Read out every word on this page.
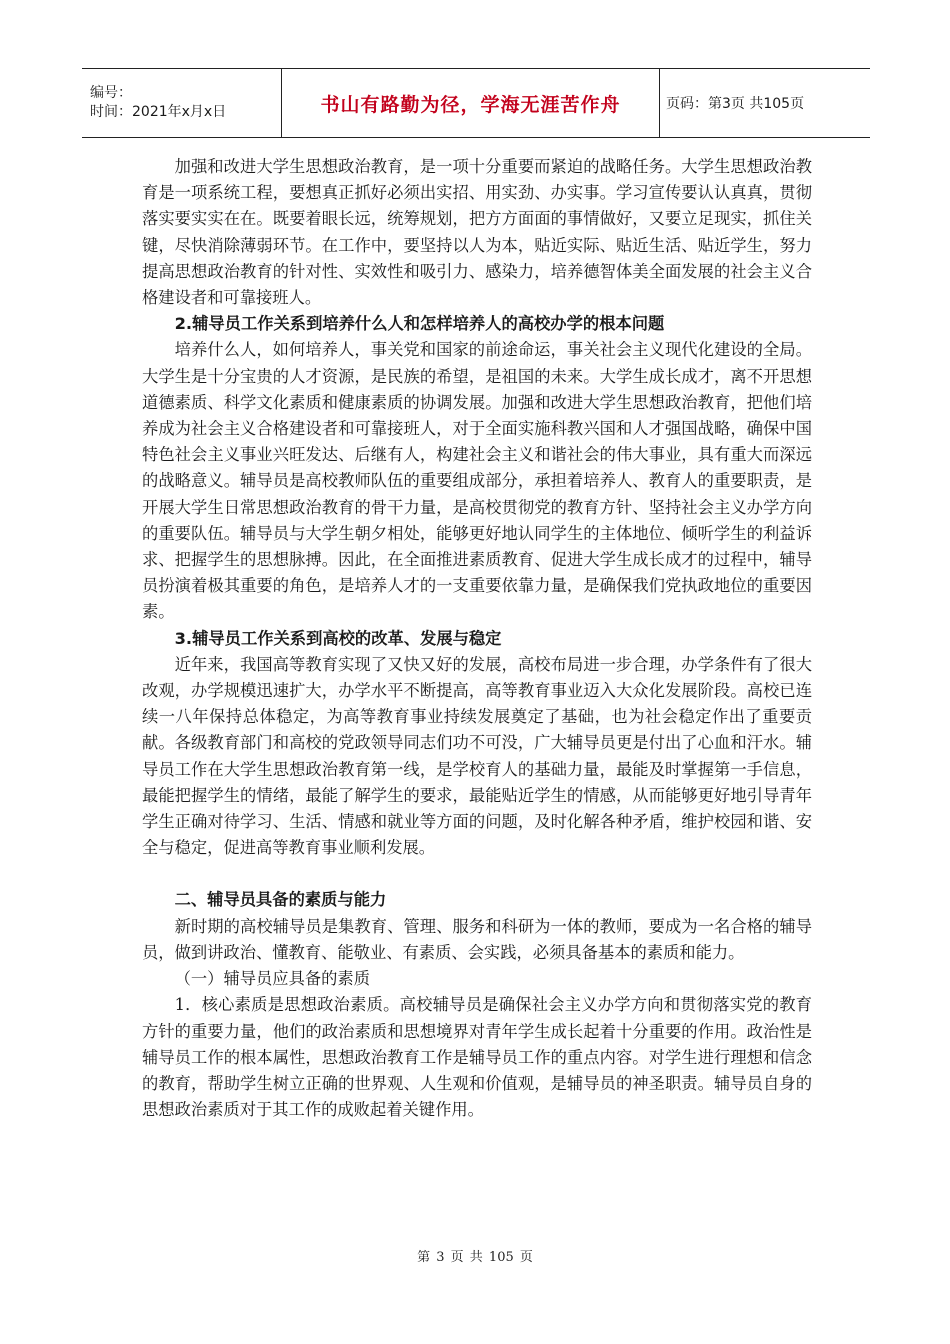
编号：
时间：2021年x月x日	书山有路勤为径，学海无涯苦作舟	页码：第3页 共105页

加强和改进大学生思想政治教育，是一项十分重要而紧迫的战略任务。大学生思想政治教育是一项系统工程，要想真正抓好必须出实招、用实劲、办实事。学习宣传要认认真真，贯彻落实要实实在在。既要着眼长远，统筹规划，把方方面面的事情做好，又要立足现实，抓住关键，尽快消除薄弱环节。在工作中，要坚持以人为本，贴近实际、贴近生活、贴近学生，努力提高思想政治教育的针对性、实效性和吸引力、感染力，培养德智体美全面发展的社会主义合格建设者和可靠接班人。

2.辅导员工作关系到培养什么人和怎样培养人的高校办学的根本问题

培养什么人，如何培养人，事关党和国家的前途命运，事关社会主义现代化建设的全局。大学生是十分宝贵的人才资源，是民族的希望，是祖国的未来。大学生成长成才，离不开思想道德素质、科学文化素质和健康素质的协调发展。加强和改进大学生思想政治教育，把他们培养成为社会主义合格建设者和可靠接班人，对于全面实施科教兴国和人才强国战略，确保中国特色社会主义事业兴旺发达、后继有人，构建社会主义和谐社会的伟大事业，具有重大而深远的战略意义。辅导员是高校教师队伍的重要组成部分，承担着培养人、教育人的重要职责，是开展大学生日常思想政治教育的骨干力量，是高校贯彻党的教育方针、坚持社会主义办学方向的重要队伍。辅导员与大学生朝夕相处，能够更好地认同学生的主体地位、倾听学生的利益诉求、把握学生的思想脉搏。因此，在全面推进素质教育、促进大学生成长成才的过程中，辅导员扮演着极其重要的角色，是培养人才的一支重要依靠力量，是确保我们党执政地位的重要因素。

3.辅导员工作关系到高校的改革、发展与稳定

近年来，我国高等教育实现了又快又好的发展，高校布局进一步合理，办学条件有了很大改观，办学规模迅速扩大，办学水平不断提高，高等教育事业迈入大众化发展阶段。高校已连续一八年保持总体稳定，为高等教育事业持续发展奠定了基础，也为社会稳定作出了重要贡献。各级教育部门和高校的党政领导同志们功不可没，广大辅导员更是付出了心血和汗水。辅导员工作在大学生思想政治教育第一线，是学校育人的基础力量，最能及时掌握第一手信息，最能把握学生的情绪，最能了解学生的要求，最能贴近学生的情感，从而能够更好地引导青年学生正确对待学习、生活、情感和就业等方面的问题，及时化解各种矛盾，维护校园和谐、安全与稳定，促进高等教育事业顺利发展。

二、辅导员具备的素质与能力

新时期的高校辅导员是集教育、管理、服务和科研为一体的教师，要成为一名合格的辅导员，做到讲政治、懂教育、能敬业、有素质、会实践，必须具备基本的素质和能力。

（一）辅导员应具备的素质

1．核心素质是思想政治素质。高校辅导员是确保社会主义办学方向和贯彻落实党的教育方针的重要力量，他们的政治素质和思想境界对青年学生成长起着十分重要的作用。政治性是辅导员工作的根本属性，思想政治教育工作是辅导员工作的重点内容。对学生进行理想和信念的教育，帮助学生树立正确的世界观、人生观和价值观，是辅导员的神圣职责。辅导员自身的思想政治素质对于其工作的成败起着关键作用。

第 3 页 共 105 页
